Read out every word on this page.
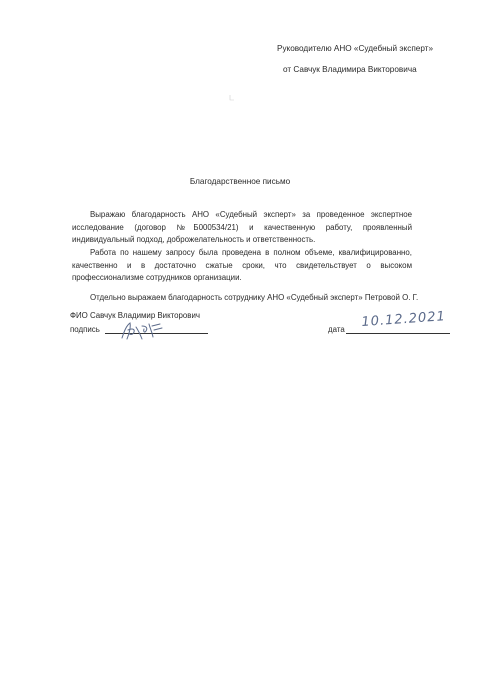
Руководителю АНО «Судебный эксперт»
от Савчук Владимира Викторовича
Благодарственное письмо
Выражаю благодарность АНО «Судебный эксперт» за проведенное экспертное исследование (договор №Б000534/21) и качественную работу, проявленный индивидуальный подход, доброжелательность и ответственность.
Работа по нашему запросу была проведена в полном объеме, квалифицированно, качественно и в достаточно сжатые сроки, что свидетельствует о высоком профессионализме сотрудников организации.
Отдельно выражаем благодарность сотруднику АНО «Судебный эксперт» Петровой О. Г.
ФИО Савчук Владимир Викторович
подпись	дата 10.12.2021
